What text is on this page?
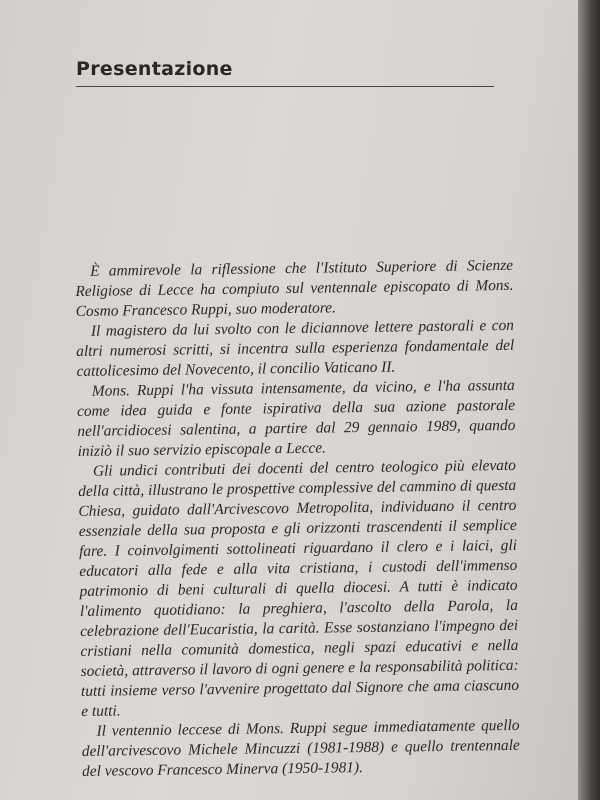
Presentazione

È ammirevole la riflessione che l'Istituto Superiore di Scienze Religiose di Lecce ha compiuto sul ventennale episcopato di Mons. Cosmo Francesco Ruppi, suo moderatore.

Il magistero da lui svolto con le diciannove lettere pastorali e con altri numerosi scritti, si incentra sulla esperienza fondamentale del cattolicesimo del Novecento, il concilio Vaticano II.

Mons. Ruppi l'ha vissuta intensamente, da vicino, e l'ha assunta come idea guida e fonte ispirativa della sua azione pastorale nell'arcidiocesi salentina, a partire dal 29 gennaio 1989, quando iniziò il suo servizio episcopale a Lecce.

Gli undici contributi dei docenti del centro teologico più elevato della città, illustrano le prospettive complessive del cammino di questa Chiesa, guidato dall'Arcivescovo Metropolita, individuano il centro essenziale della sua proposta e gli orizzonti trascendenti il semplice fare. I coinvolgimenti sottolineati riguardano il clero e i laici, gli educatori alla fede e alla vita cristiana, i custodi dell'immenso patrimonio di beni culturali di quella diocesi. A tutti è indicato l'alimento quotidiano: la preghiera, l'ascolto della Parola, la celebrazione dell'Eucaristia, la carità. Esse sostanziano l'impegno dei cristiani nella comunità domestica, negli spazi educativi e nella società, attraverso il lavoro di ogni genere e la responsabilità politica: tutti insieme verso l'avvenire progettato dal Signore che ama ciascuno e tutti.

Il ventennio leccese di Mons. Ruppi segue immediatamente quello dell'arcivescovo Michele Mincuzzi (1981-1988) e quello trentennale del vescovo Francesco Minerva (1950-1981).
